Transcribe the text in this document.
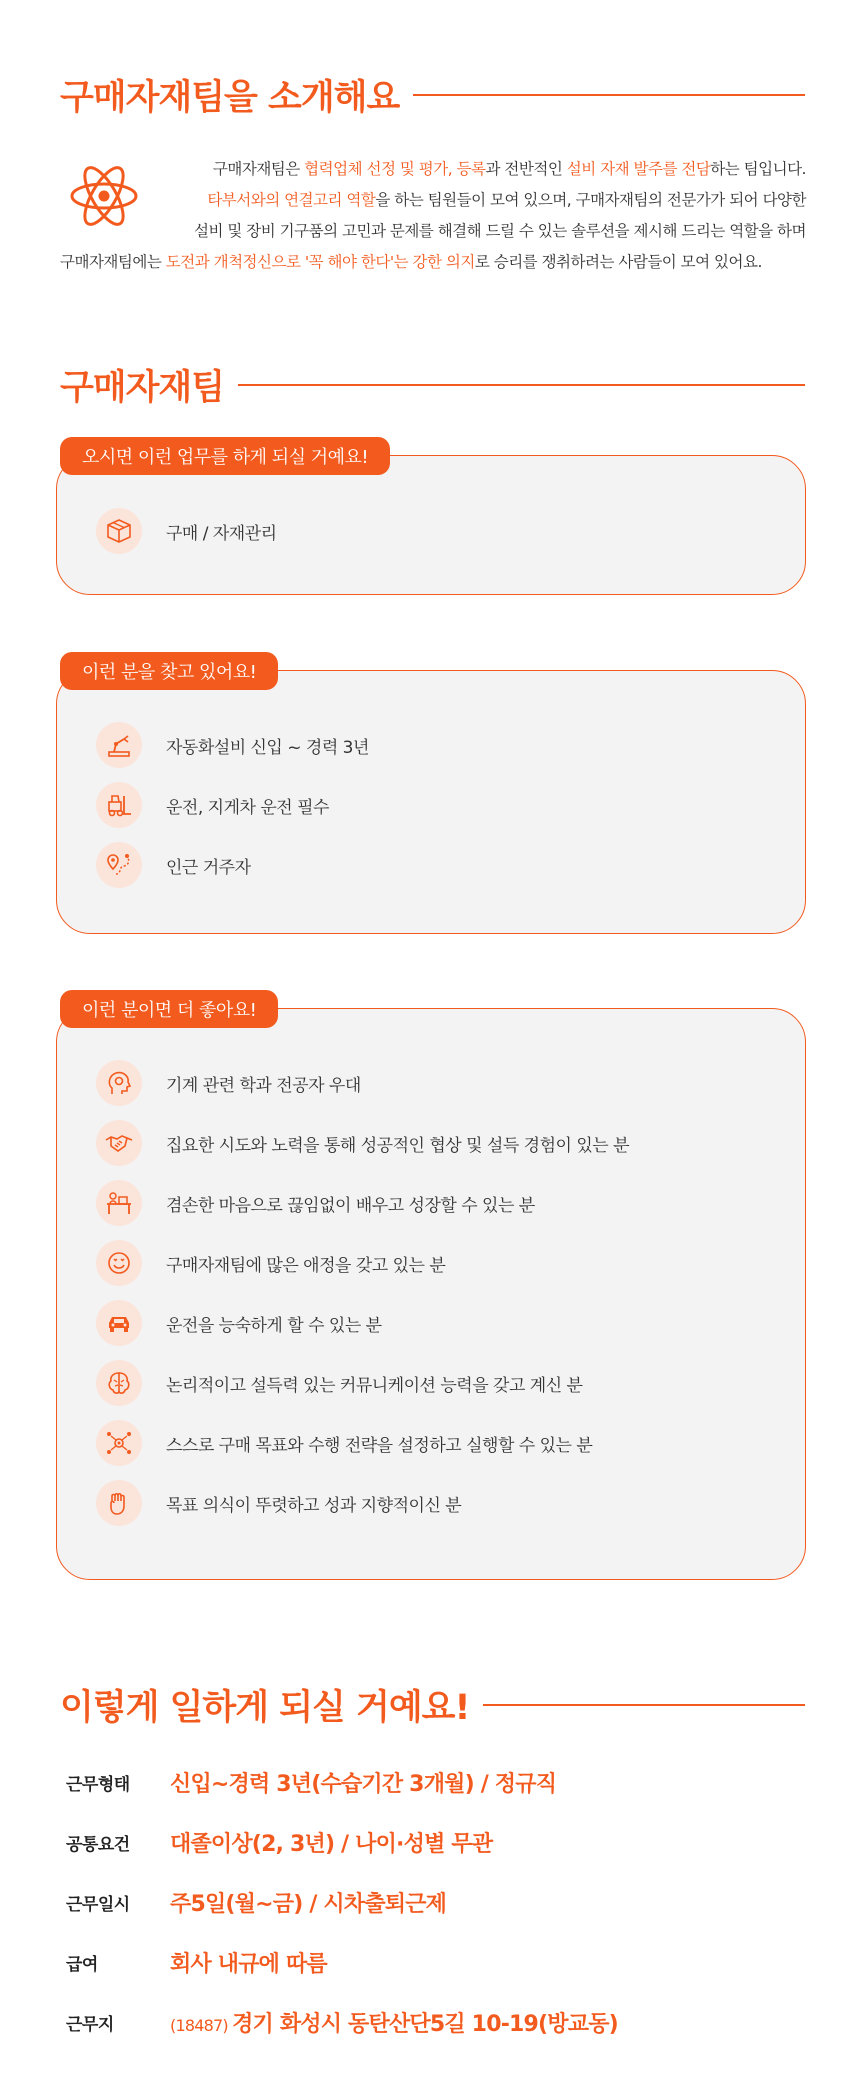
구매자재팀을 소개해요
구매자재팀은 협력업체 선정 및 평가, 등록과 전반적인 설비 자재 발주를 전담하는 팀입니다.
타부서와의 연결고리 역할을 하는 팀원들이 모여 있으며, 구매자재팀의 전문가가 되어 다양한
설비 및 장비 기구품의 고민과 문제를 해결해 드릴 수 있는 솔루션을 제시해 드리는 역할을 하며
구매자재팀에는 도전과 개척정신으로 '꼭 해야 한다'는 강한 의지로 승리를 쟁취하려는 사람들이 모여 있어요.
구매자재팀
오시면 이런 업무를 하게 되실 거예요!
구매 / 자재관리
이런 분을 찾고 있어요!
자동화설비 신입 ~ 경력 3년
운전, 지게차 운전 필수
인근 거주자
이런 분이면 더 좋아요!
기계 관련 학과 전공자 우대
집요한 시도와 노력을 통해 성공적인 협상 및 설득 경험이 있는 분
겸손한 마음으로 끊임없이 배우고 성장할 수 있는 분
구매자재팀에 많은 애정을 갖고 있는 분
운전을 능숙하게 할 수 있는 분
논리적이고 설득력 있는 커뮤니케이션 능력을 갖고 계신 분
스스로 구매 목표와 수행 전략을 설정하고 실행할 수 있는 분
목표 의식이 뚜렷하고 성과 지향적이신 분
이렇게 일하게 되실 거예요!
근무형태	신입~경력 3년(수습기간 3개월) / 정규직
공통요건	대졸이상(2, 3년) / 나이·성별 무관
근무일시	주5일(월~금) / 시차출퇴근제
급여	회사 내규에 따름
근무지	(18487) 경기 화성시 동탄산단5길 10-19(방교동)
